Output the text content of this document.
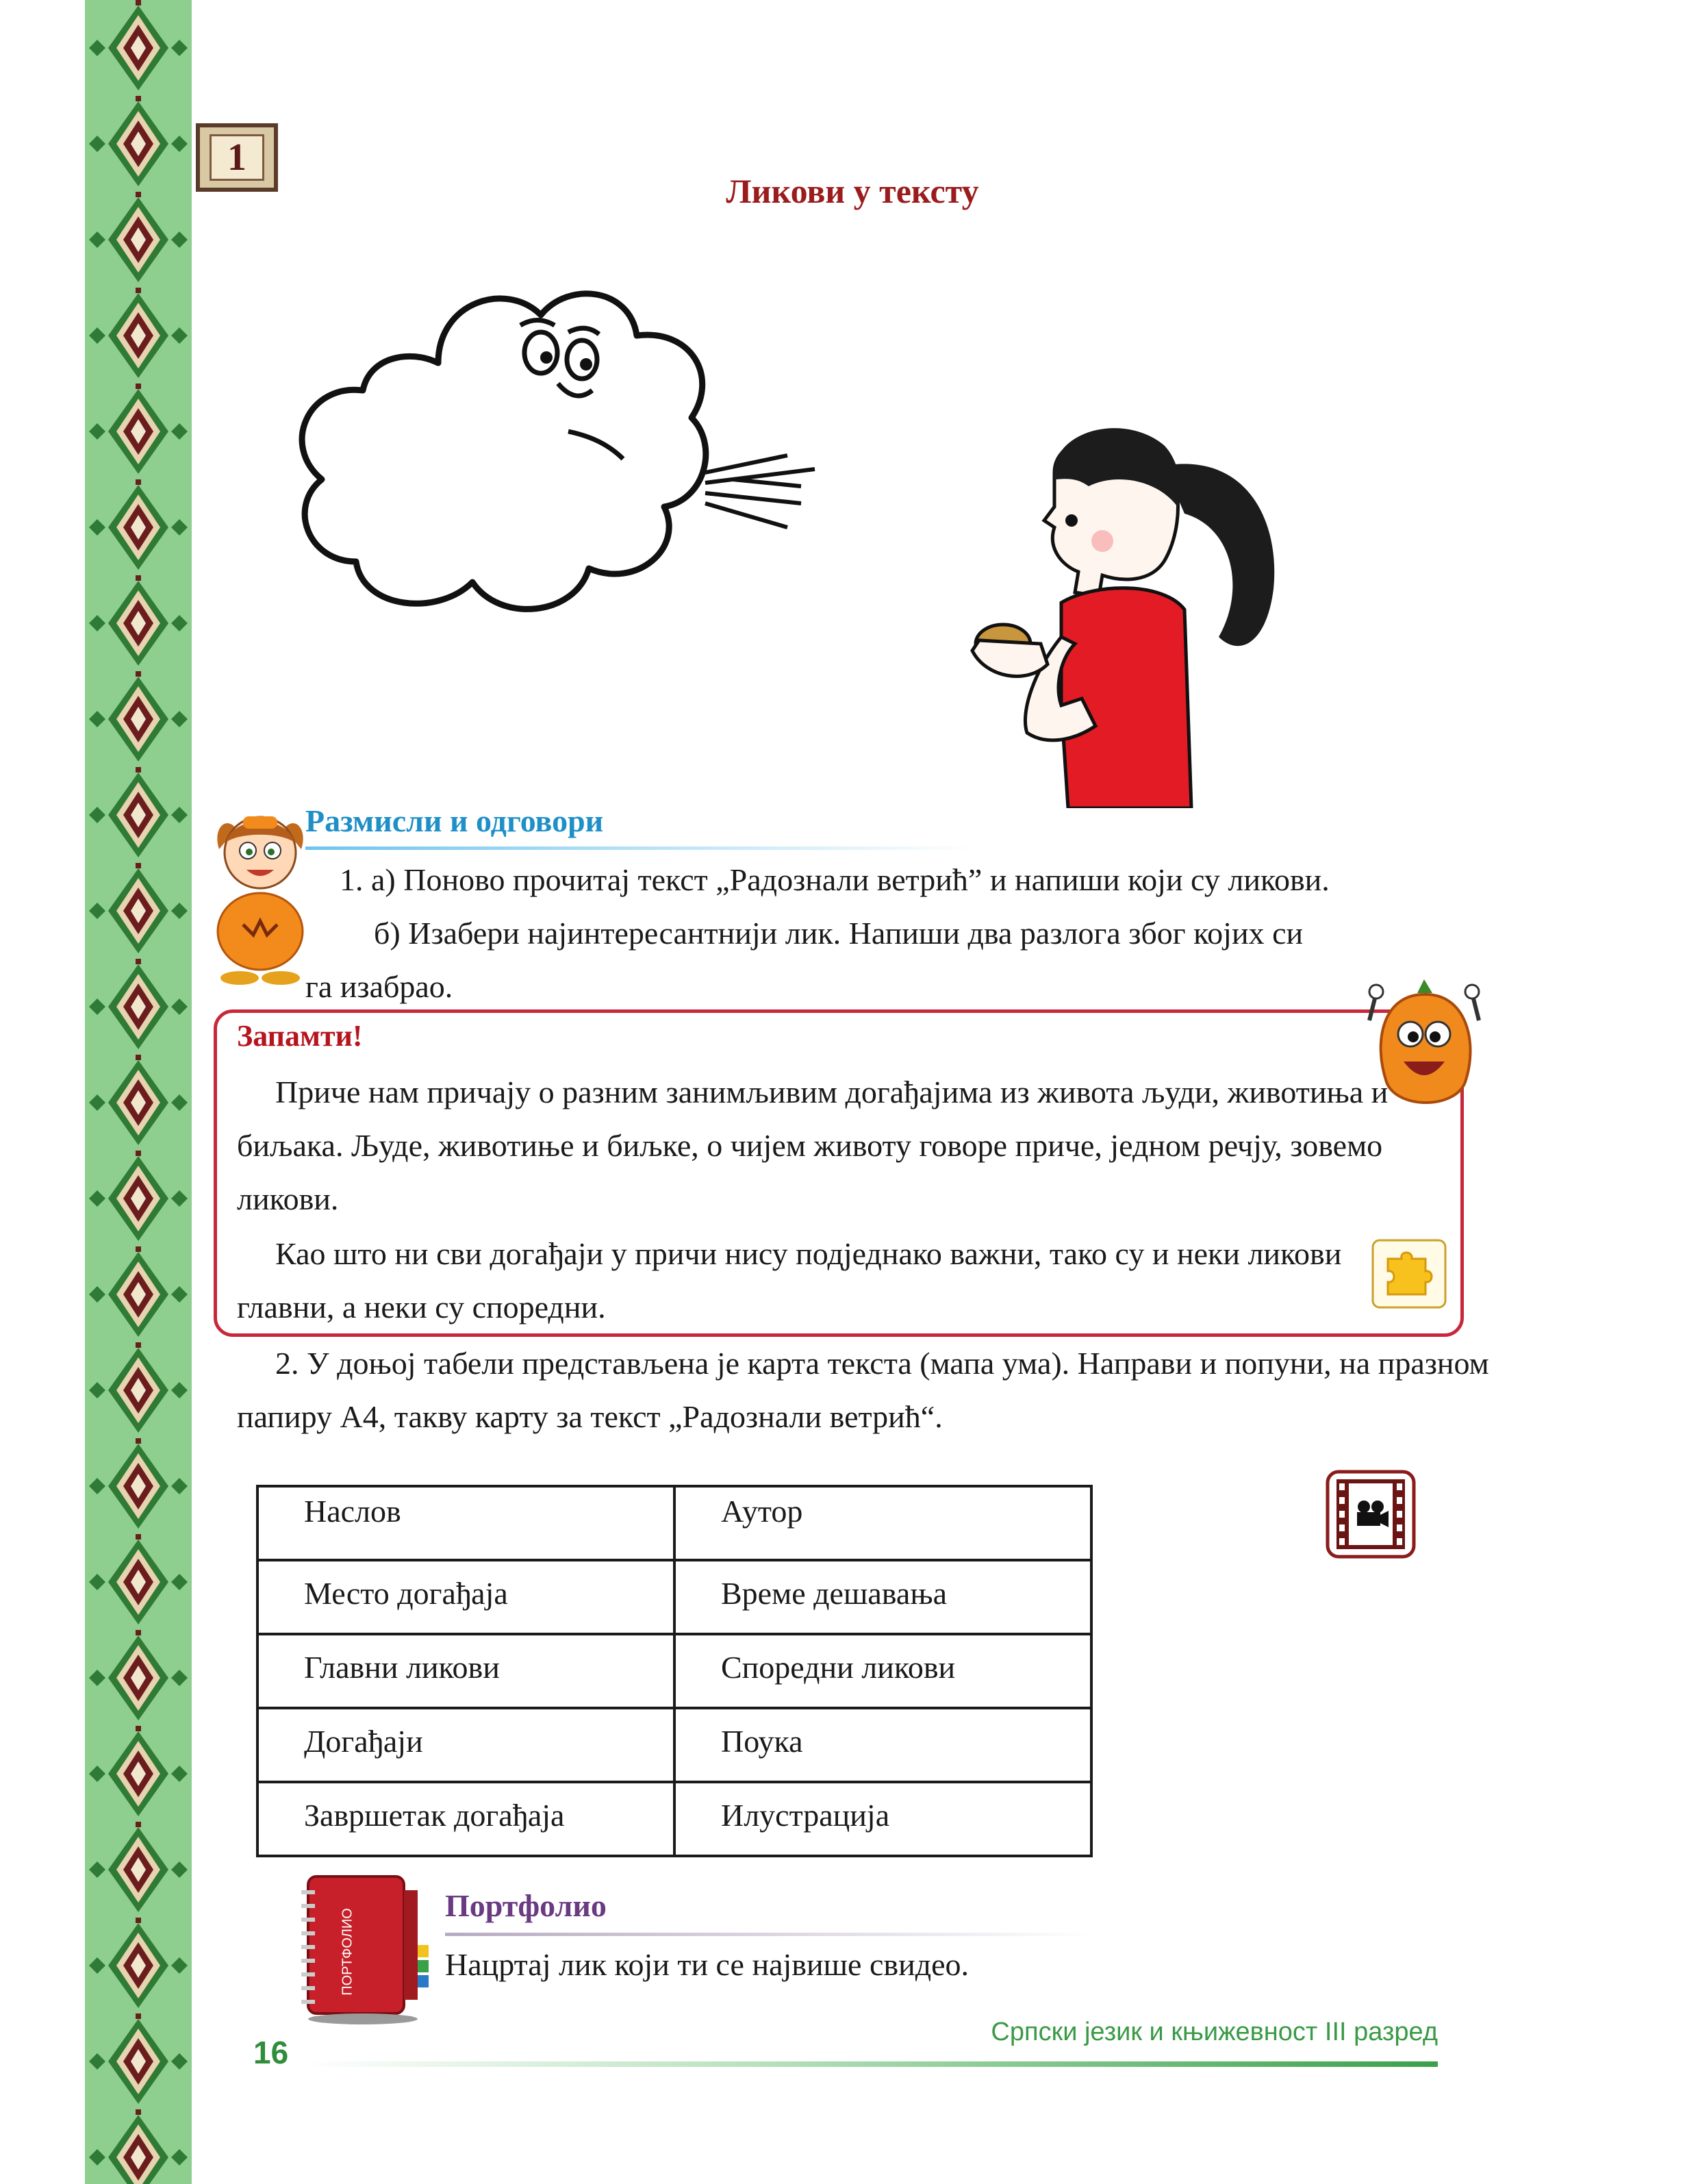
1
Ликови у тексту
Размисли и одговори
1. а) Поново прочитај текст „Радознали ветрић” и напиши који су ликови.
б) Изабери најинтересантнији лик. Напиши два разлога због којих си
га изабрао.
Запамти!
Приче нам причају о разним занимљивим догађајима из живота људи, животиња и биљака. Људе, животиње и биљке, о чијем животу говоре приче, једном речју, зовемо ликови.
Као што ни сви догађаји у причи нису подједнако важни, тако су и неки ликови главни, а неки су споредни.
2. У доњој табели представљена је карта текста (мапа ума). Направи и попуни, на празном папиру А4, такву карту за текст „Радознали ветрић“.
Наслов	Аутор
Место догађаја	Време дешавања
Главни ликови	Споредни ликови
Догађаји	Поука
Завршетак догађаја	Илустрација
ПОРТФОЛИО
Портфолио
Нацртај лик који ти се највише свидео.
16
Српски језик и књижевност III разред
